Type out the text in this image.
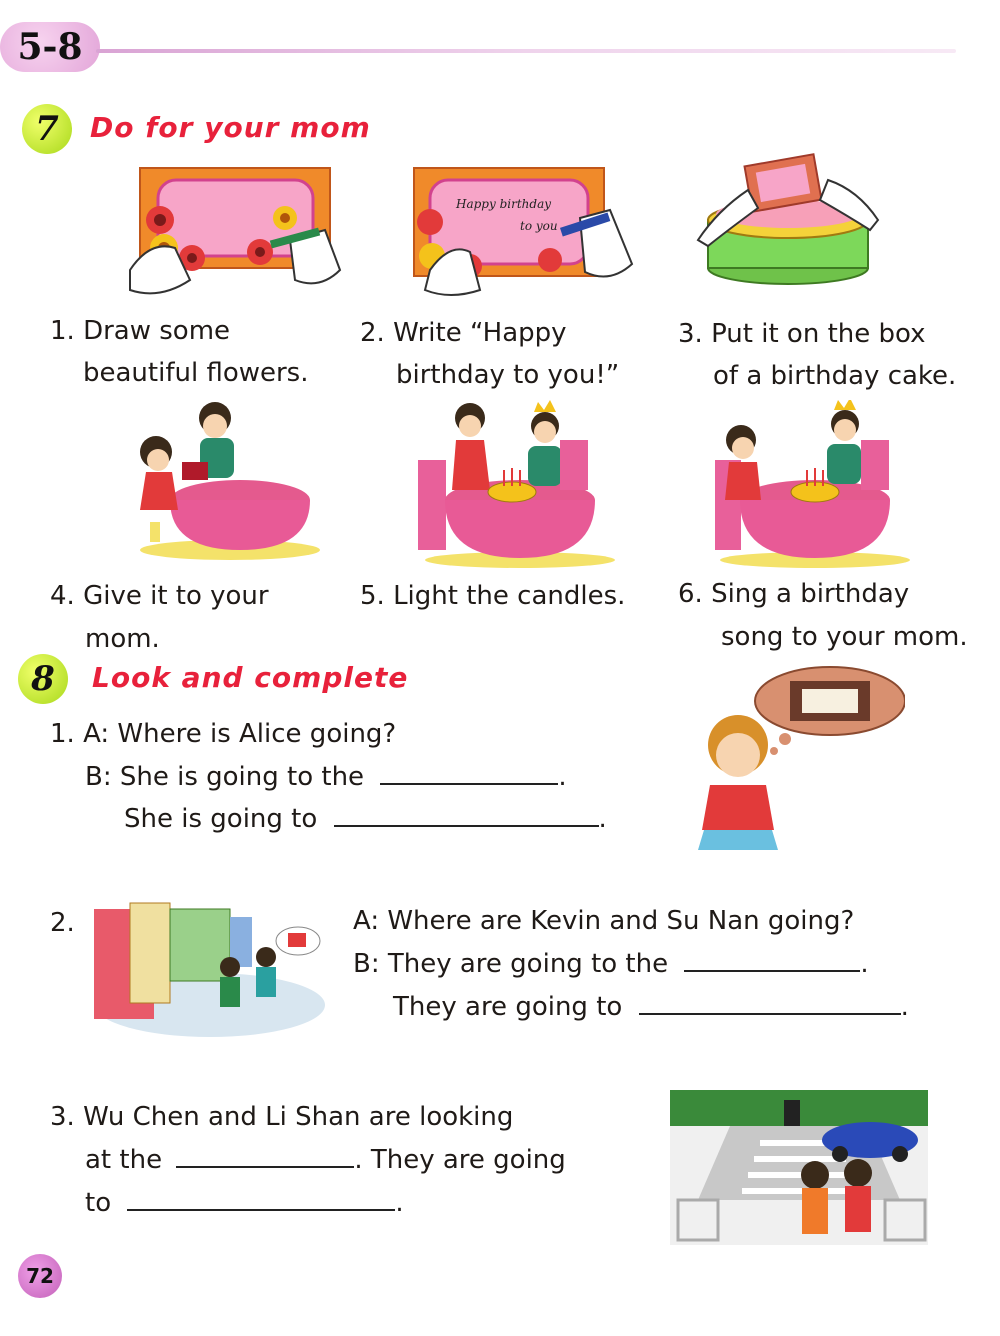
5-8
7	Do for your mom
Happy birthday
to you
1. Draw some
beautiful flowers.
2. Write “Happy
birthday to you!”
3. Put it on the box
of a birthday cake.
4. Give it to your
mom.
5. Light the candles. 6. Sing a birthday
song to your mom.
8	Look and complete
1. A: Where is Alice going?
B: She is going to the	.
She is going to	.
2.	A: Where are Kevin and Su Nan going?
B: They are going to the	.
They are going to	.
3. Wu Chen and Li Shan are looking
at the	. They are going
to	.
72
